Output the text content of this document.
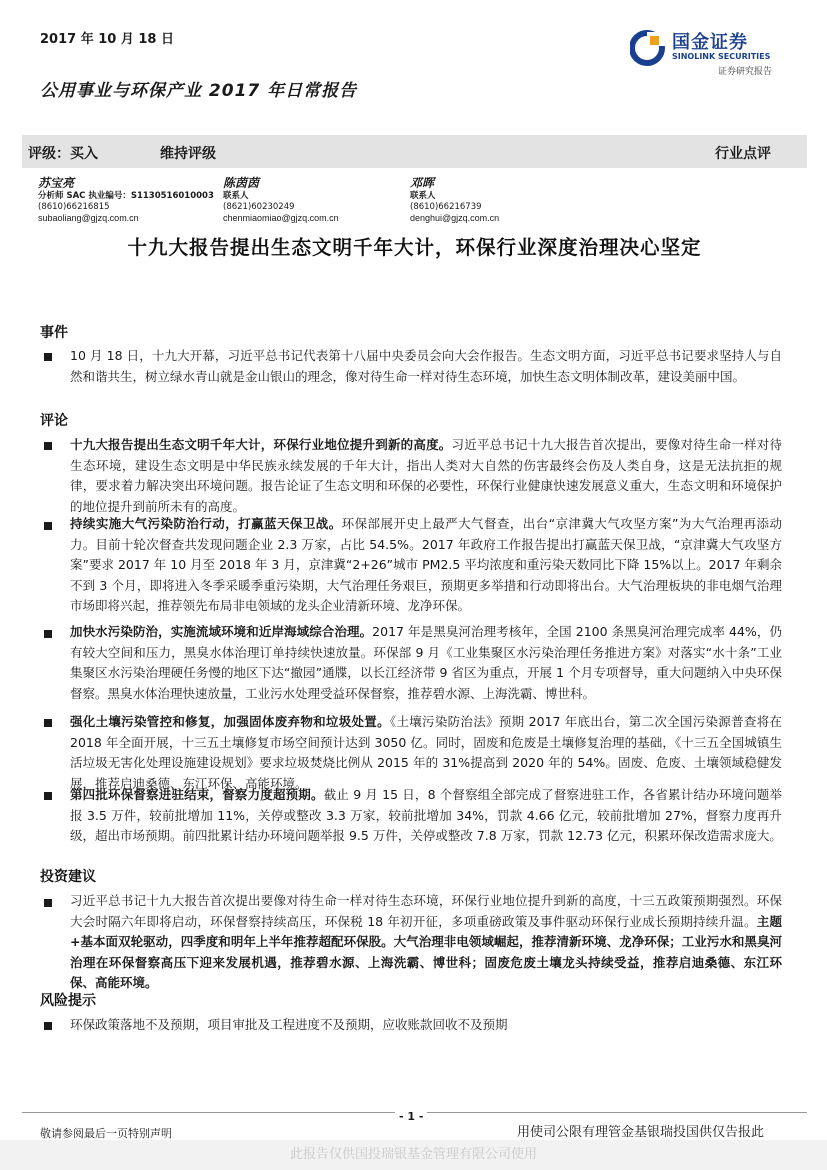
2017 年 10 月 18 日
公用事业与环保产业 2017 年日常报告
国金证券
SINOLINK SECURITIES
证券研究报告
评级：买入	维持评级	行业点评
苏宝亮
分析师 SAC 执业编号：S1130516010003
(8610)66216815
subaoliang@gjzq.com.cn
陈茵茵
联系人
(8621)60230249
chenmiaomiao@gjzq.com.cn
邓晖
联系人
(8610)66216739
denghui@gjzq.com.cn
十九大报告提出生态文明千年大计，环保行业深度治理决心坚定
事件
10 月 18 日，十九大开幕，习近平总书记代表第十八届中央委员会向大会作报告。生态文明方面，习近平总书记要求坚持人与自然和谐共生，树立绿水青山就是金山银山的理念，像对待生命一样对待生态环境，加快生态文明体制改革，建设美丽中国。
评论
十九大报告提出生态文明千年大计，环保行业地位提升到新的高度。习近平总书记十九大报告首次提出，要像对待生命一样对待生态环境，建设生态文明是中华民族永续发展的千年大计，指出人类对大自然的伤害最终会伤及人类自身，这是无法抗拒的规律，要求着力解决突出环境问题。报告论证了生态文明和环保的必要性，环保行业健康快速发展意义重大，生态文明和环境保护的地位提升到前所未有的高度。
持续实施大气污染防治行动，打赢蓝天保卫战。环保部展开史上最严大气督查，出台“京津冀大气攻坚方案”为大气治理再添动力。目前十轮次督查共发现问题企业 2.3 万家，占比 54.5%。2017 年政府工作报告提出打赢蓝天保卫战，“京津冀大气攻坚方案”要求 2017 年 10 月至 2018 年 3 月，京津冀“2+26”城市 PM2.5 平均浓度和重污染天数同比下降 15%以上。2017 年剩余不到 3 个月，即将进入冬季采暖季重污染期，大气治理任务艰巨，预期更多举措和行动即将出台。大气治理板块的非电烟气治理市场即将兴起，推荐领先布局非电领域的龙头企业清新环境、龙净环保。
加快水污染防治，实施流域环境和近岸海域综合治理。2017 年是黑臭河治理考核年，全国 2100 条黑臭河治理完成率 44%，仍有较大空间和压力，黑臭水体治理订单持续快速放量。环保部 9 月《工业集聚区水污染治理任务推进方案》对落实“水十条”工业集聚区水污染治理硬任务慢的地区下达“撤园”通牒，以长江经济带 9 省区为重点，开展 1 个月专项督导，重大问题纳入中央环保督察。黑臭水体治理快速放量，工业污水处理受益环保督察，推荐碧水源、上海洗霸、博世科。
强化土壤污染管控和修复，加强固体废弃物和垃圾处置。《土壤污染防治法》预期 2017 年底出台，第二次全国污染源普查将在 2018 年全面开展，十三五土壤修复市场空间预计达到 3050 亿。同时，固废和危废是土壤修复治理的基础，《十三五全国城镇生活垃圾无害化处理设施建设规划》要求垃圾焚烧比例从 2015 年的 31%提高到 2020 年的 54%。固废、危废、土壤领域稳健发展，推荐启迪桑德、东江环保、高能环境。
第四批环保督察进驻结束，督察力度超预期。截止 9 月 15 日，8 个督察组全部完成了督察进驻工作，各省累计结办环境问题举报 3.5 万件，较前批增加 11%，关停或整改 3.3 万家，较前批增加 34%，罚款 4.66 亿元，较前批增加 27%，督察力度再升级，超出市场预期。前四批累计结办环境问题举报 9.5 万件，关停或整改 7.8 万家，罚款 12.73 亿元，积累环保改造需求庞大。
投资建议
习近平总书记十九大报告首次提出要像对待生命一样对待生态环境，环保行业地位提升到新的高度，十三五政策预期强烈。环保大会时隔六年即将启动，环保督察持续高压，环保税 18 年初开征，多项重磅政策及事件驱动环保行业成长预期持续升温。主题+基本面双轮驱动，四季度和明年上半年推荐超配环保股。大气治理非电领域崛起，推荐清新环境、龙净环保；工业污水和黑臭河治理在环保督察高压下迎来发展机遇，推荐碧水源、上海洗霸、博世科；固废危废土壤龙头持续受益，推荐启迪桑德、东江环保、高能环境。
风险提示
环保政策落地不及预期，项目审批及工程进度不及预期，应收账款回收不及预期
- 1 -
敬请参阅最后一页特别声明	用使司公限有理管金基银瑞投国供仅告报此
此报告仅供国投瑞银基金管理有限公司使用
